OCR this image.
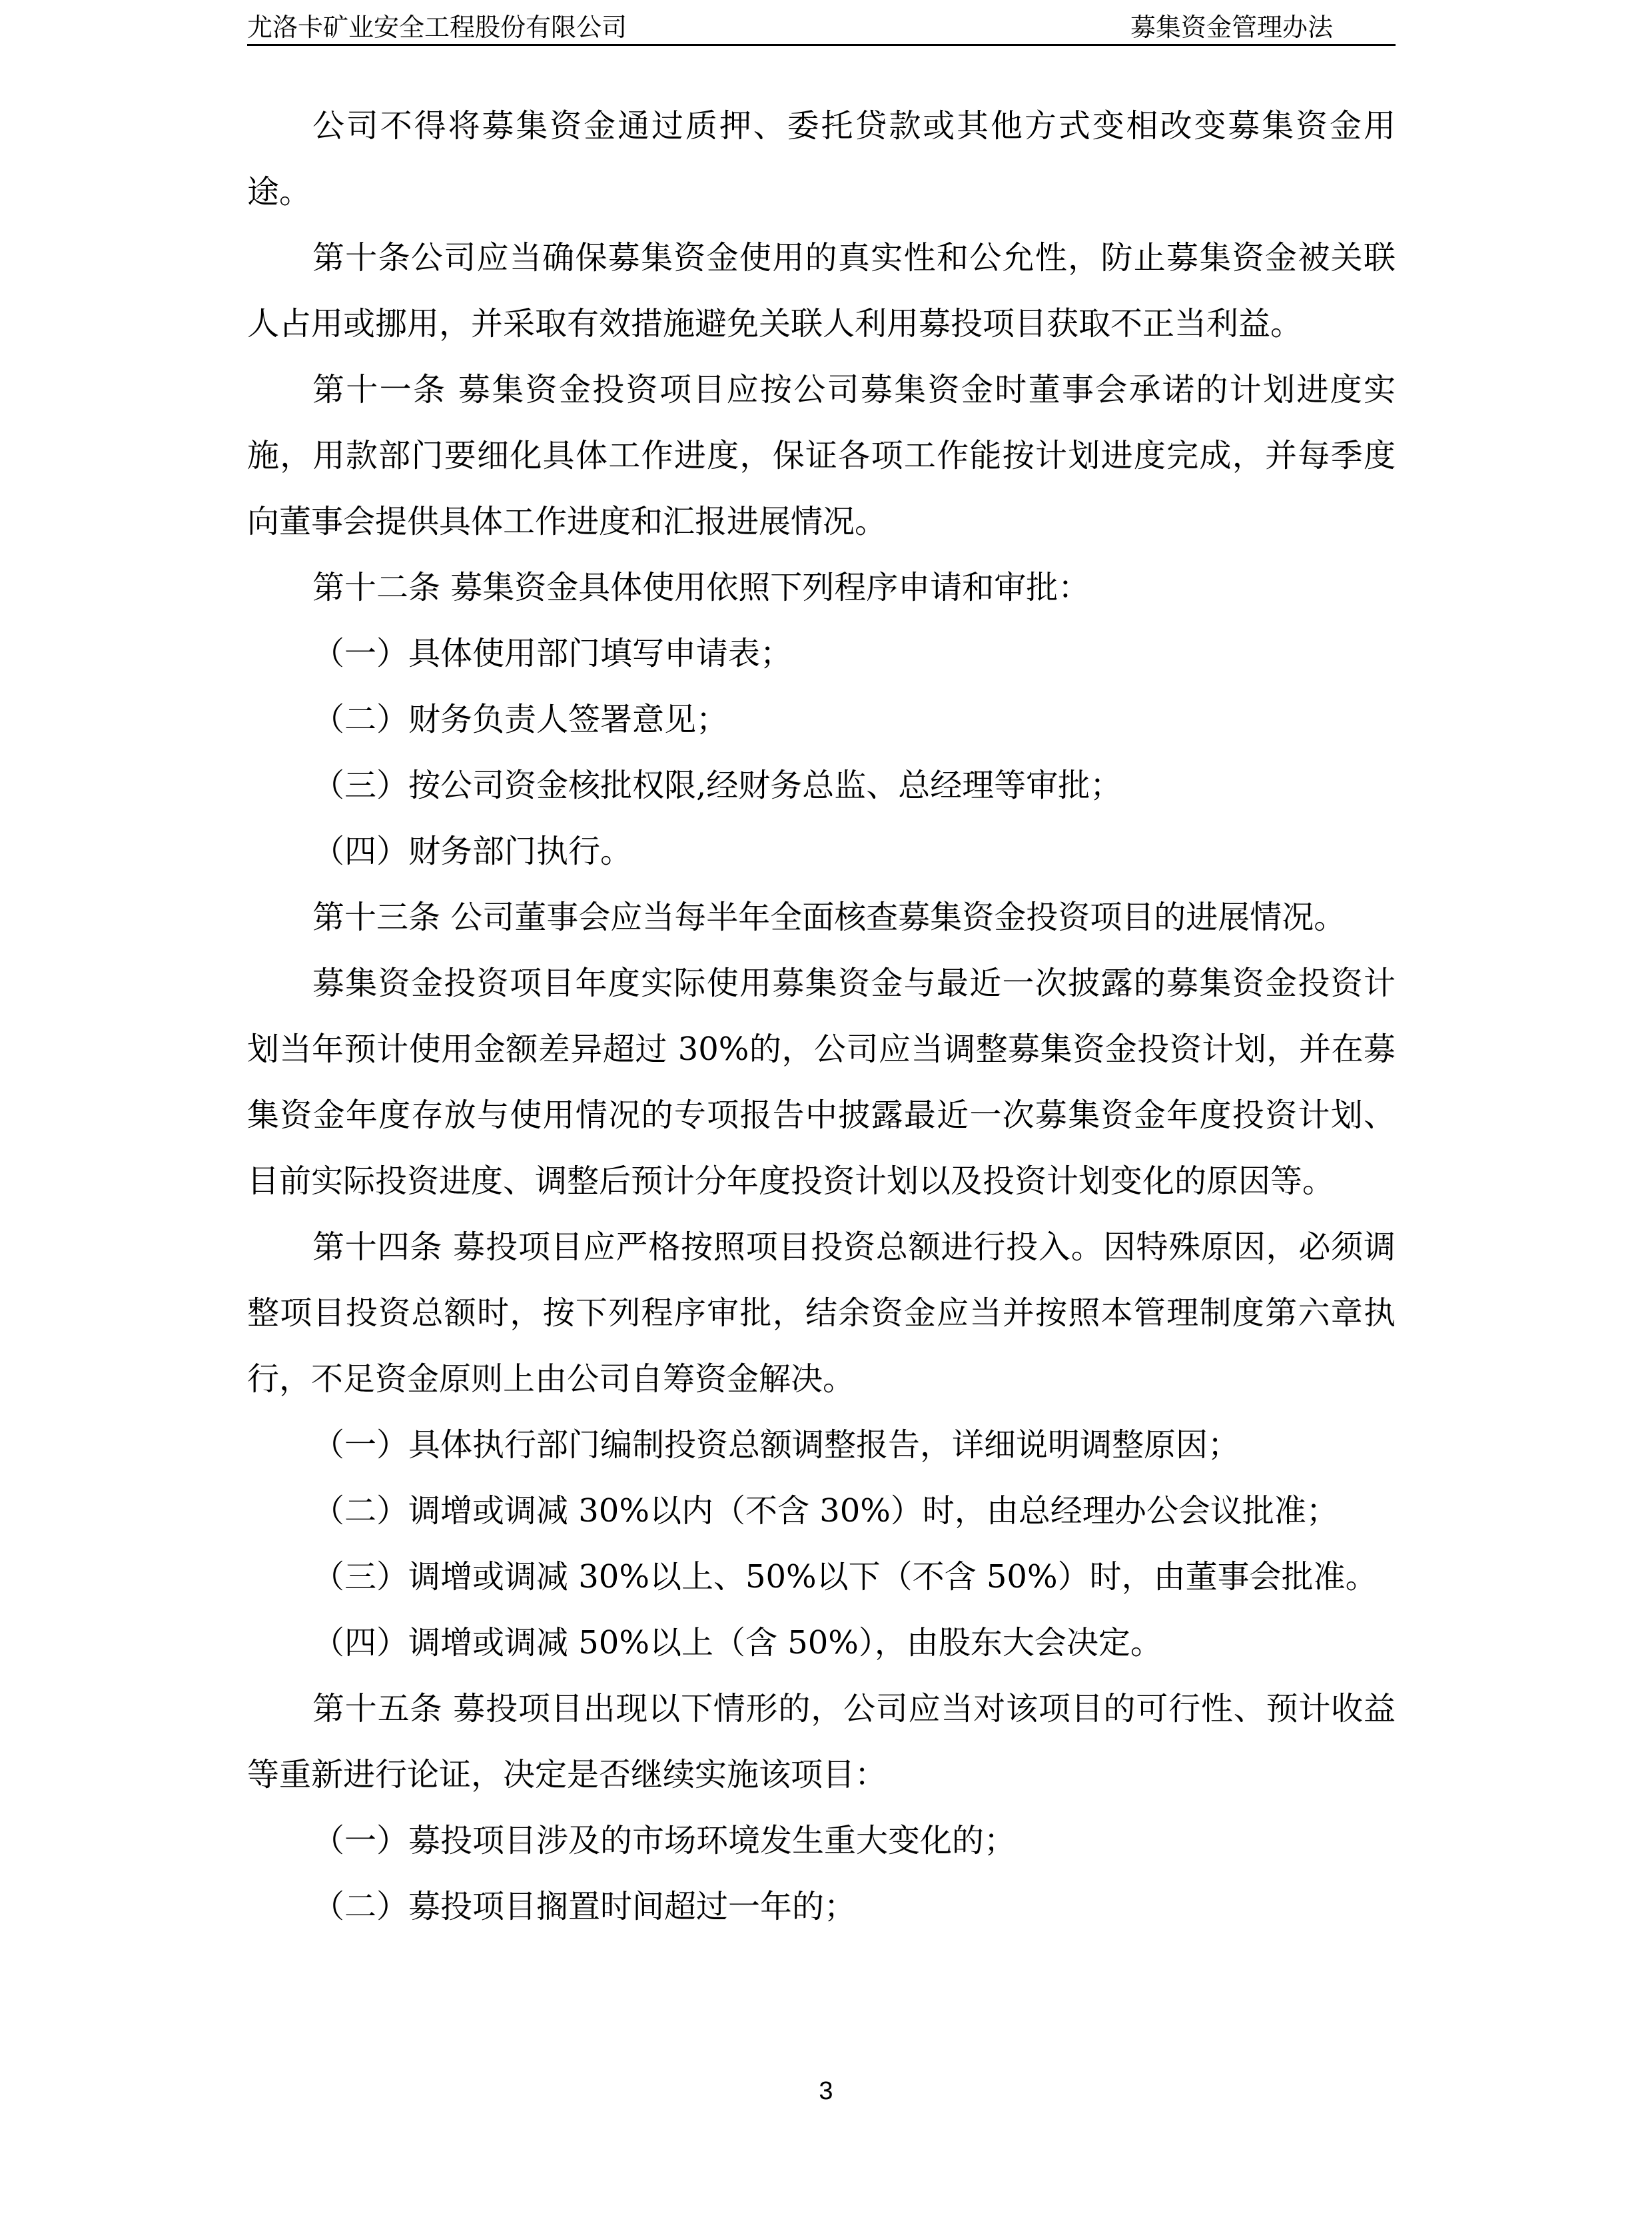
尤洛卡矿业安全工程股份有限公司	募集资金管理办法

公司不得将募集资金通过质押、委托贷款或其他方式变相改变募集资金用途。

第十条公司应当确保募集资金使用的真实性和公允性，防止募集资金被关联人占用或挪用，并采取有效措施避免关联人利用募投项目获取不正当利益。

第十一条 募集资金投资项目应按公司募集资金时董事会承诺的计划进度实施，用款部门要细化具体工作进度，保证各项工作能按计划进度完成，并每季度向董事会提供具体工作进度和汇报进展情况。

第十二条 募集资金具体使用依照下列程序申请和审批：

（一）具体使用部门填写申请表；

（二）财务负责人签署意见；

（三）按公司资金核批权限,经财务总监、总经理等审批；

（四）财务部门执行。

第十三条 公司董事会应当每半年全面核查募集资金投资项目的进展情况。

募集资金投资项目年度实际使用募集资金与最近一次披露的募集资金投资计划当年预计使用金额差异超过 30%的，公司应当调整募集资金投资计划，并在募集资金年度存放与使用情况的专项报告中披露最近一次募集资金年度投资计划、目前实际投资进度、调整后预计分年度投资计划以及投资计划变化的原因等。

第十四条 募投项目应严格按照项目投资总额进行投入。因特殊原因，必须调整项目投资总额时，按下列程序审批，结余资金应当并按照本管理制度第六章执行，不足资金原则上由公司自筹资金解决。

（一）具体执行部门编制投资总额调整报告，详细说明调整原因；

（二）调增或调减 30%以内（不含 30%）时，由总经理办公会议批准；

（三）调增或调减 30%以上、50%以下（不含 50%）时，由董事会批准。

（四）调增或调减 50%以上（含 50%），由股东大会决定。

第十五条 募投项目出现以下情形的，公司应当对该项目的可行性、预计收益等重新进行论证，决定是否继续实施该项目：

（一）募投项目涉及的市场环境发生重大变化的；

（二）募投项目搁置时间超过一年的；

3
